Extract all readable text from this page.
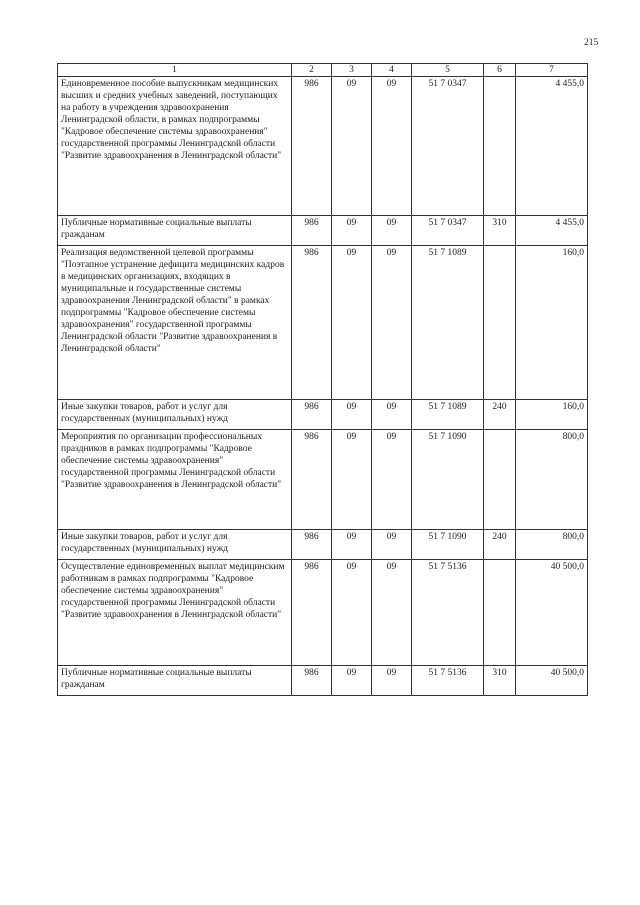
215
1	2	3	4	5	6	7
Единовременное пособие выпускникам медицинских высших и средних учебных заведений, поступающих на работу в учреждения здравоохранения Ленинградской области, в рамках подпрограммы "Кадровое обеспечение системы здравоохранения" государственной программы Ленинградской области "Развитие здравоохранения в Ленинградской области"	986	09	09	51 7 0347		4 455,0
Публичные нормативные социальные выплаты гражданам	986	09	09	51 7 0347	310	4 455,0
Реализация ведомственной целевой программы "Поэтапное устранение дефицита медицинских кадров в медицинских организациях, входящих в муниципальные и государственные системы здравоохранения Ленинградской области" в рамках подпрограммы "Кадровое обеспечение системы здравоохранения" государственной программы Ленинградской области "Развитие здравоохранения в Ленинградской области"	986	09	09	51 7 1089		160,0
Иные закупки товаров, работ и услуг для государственных (муниципальных) нужд	986	09	09	51 7 1089	240	160,0
Мероприятия по организации профессиональных праздников в рамках подпрограммы "Кадровое обеспечение системы здравоохранения" государственной программы Ленинградской области "Развитие здравоохранения в Ленинградской области"	986	09	09	51 7 1090		800,0
Иные закупки товаров, работ и услуг для государственных (муниципальных) нужд	986	09	09	51 7 1090	240	800,0
Осуществление единовременных выплат медицинским работникам в рамках подпрограммы "Кадровое обеспечение системы здравоохранения" государственной программы Ленинградской области "Развитие здравоохранения в Ленинградской области"	986	09	09	51 7 5136		40 500,0
Публичные нормативные социальные выплаты гражданам	986	09	09	51 7 5136	310	40 500,0
